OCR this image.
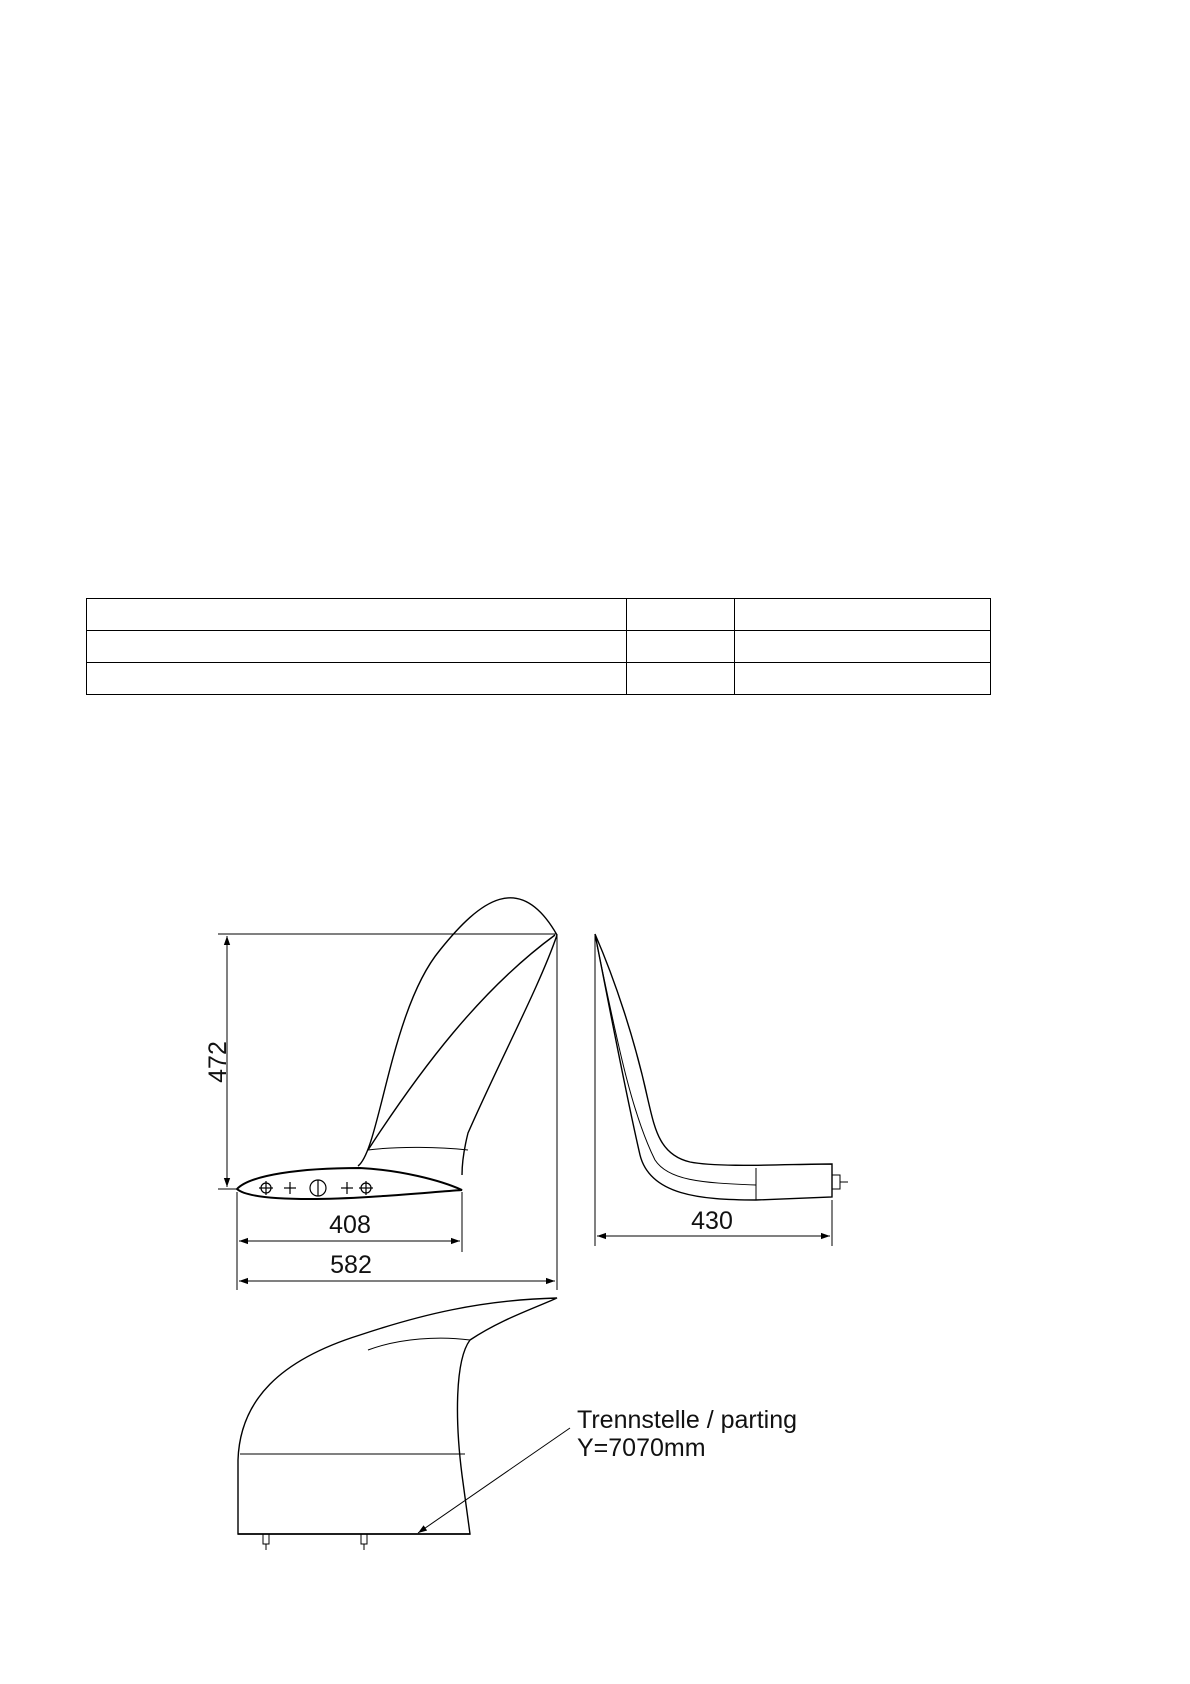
472
408
582
430
Trennstelle / parting
Y=7070mm
